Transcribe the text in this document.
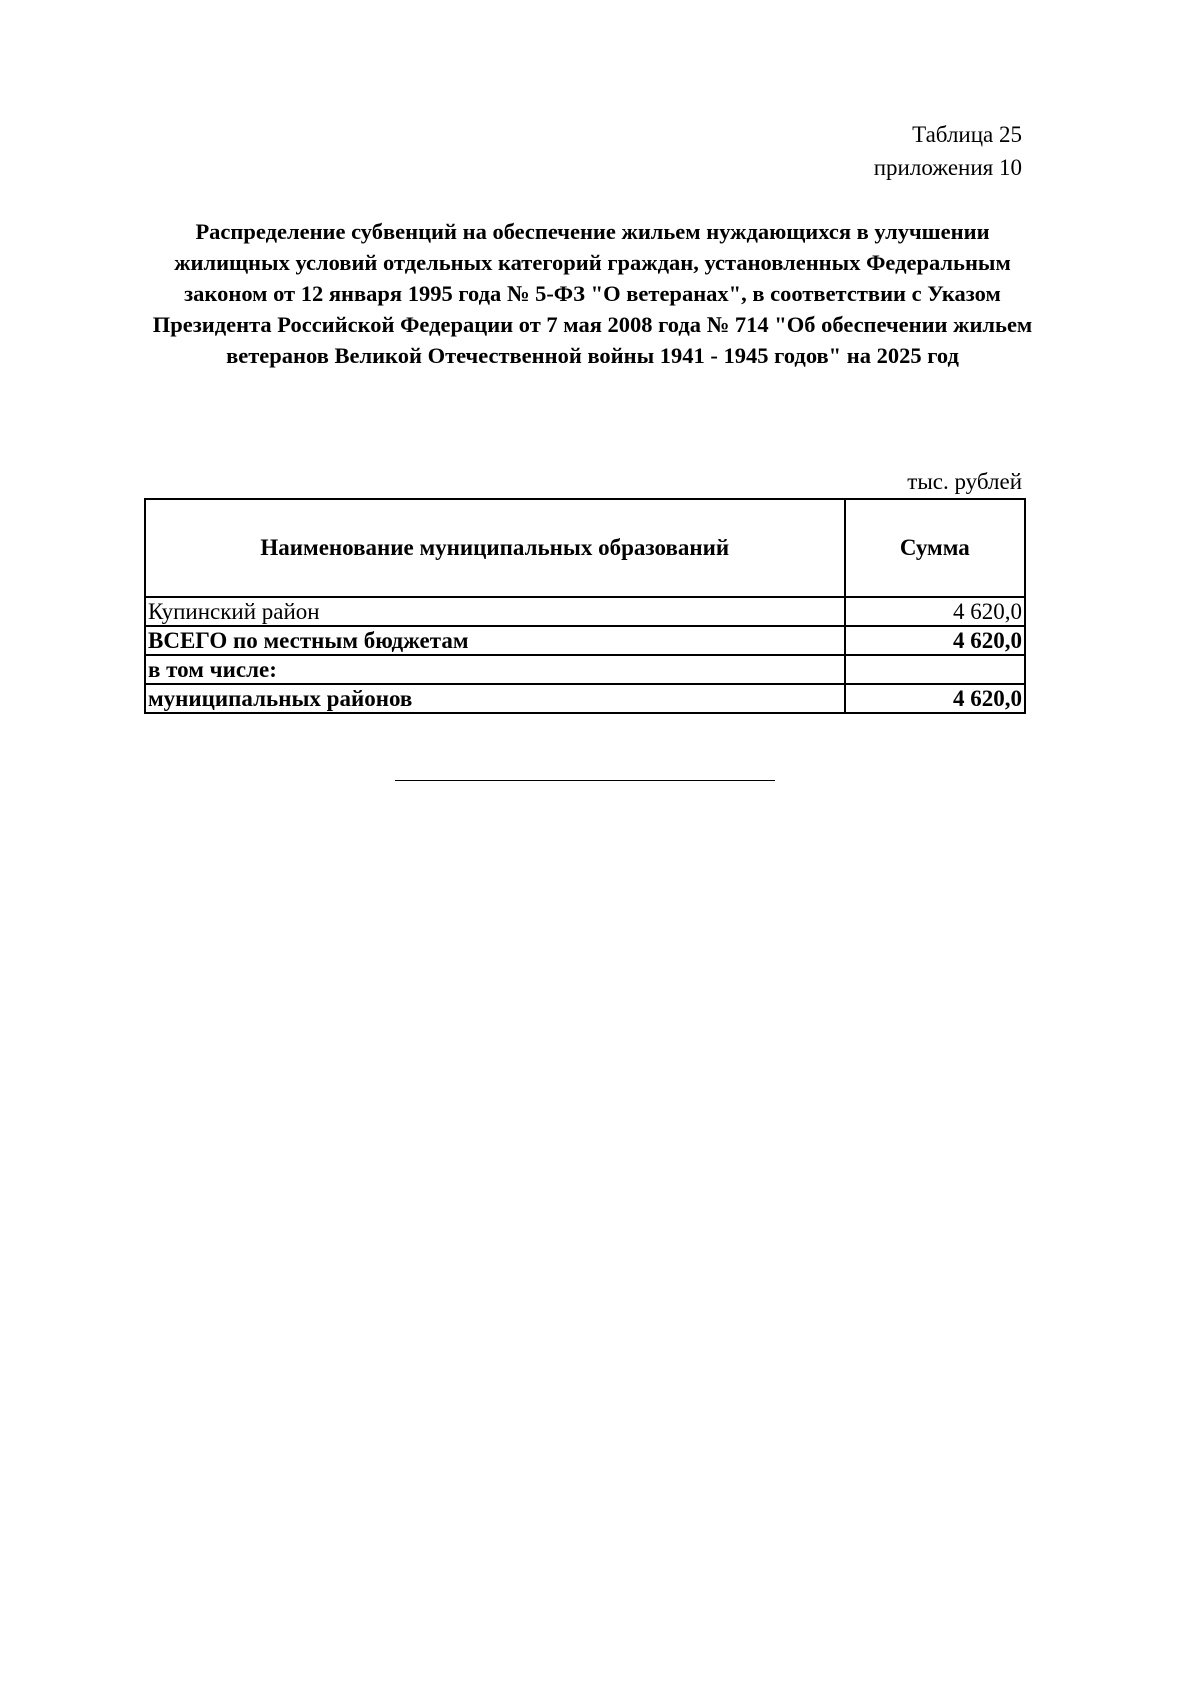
Таблица 25
приложения 10
Распределение субвенций на обеспечение жильем нуждающихся в улучшении жилищных условий отдельных категорий граждан, установленных Федеральным законом от 12 января 1995 года № 5-ФЗ "О ветеранах", в соответствии с Указом Президента Российской Федерации от 7 мая 2008 года № 714 "Об обеспечении жильем ветеранов Великой Отечественной войны 1941 - 1945 годов" на 2025 год
тыс. рублей
Наименование муниципальных образований	Сумма
Купинский район	4 620,0
ВСЕГО по местным бюджетам	4 620,0
в том числе:	
муниципальных районов	4 620,0
